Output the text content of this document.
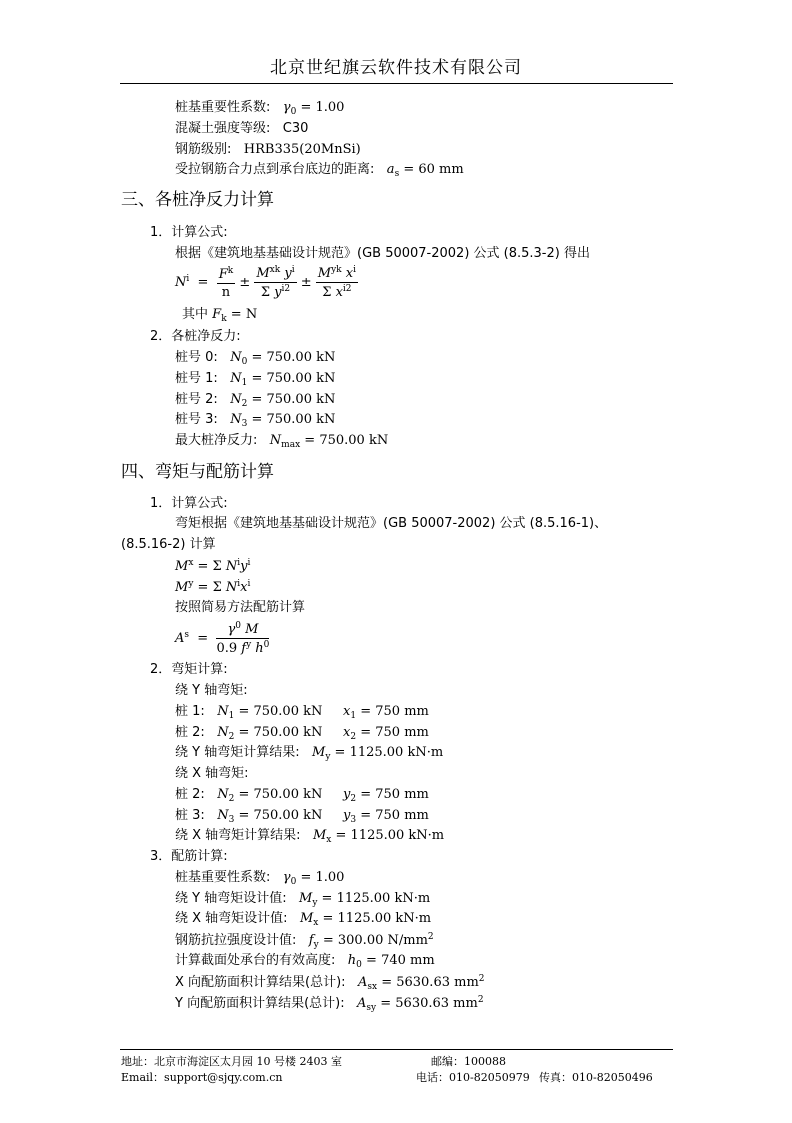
北京世纪旗云软件技术有限公司
桩基重要性系数: $\gamma_0 = 1.00$
混凝土强度等级: C30
钢筋级别: HRB335(20MnSi)
受拉钢筋合力点到承台底边的距离: $a_s = 60$ mm
三、各桩净反力计算
1．计算公式:
根据《建筑地基基础设计规范》(GB 50007-2002) 公式 (8.5.3-2) 得出
$N^i = \frac{F^k}{n} \pm \frac{M^{xk} y^i}{\Sigma y^{i2}} \pm \frac{M^{yk} x^i}{\Sigma x^{i2}}$
其中 $F_k = N$
2．各桩净反力:
桩号 0: $N_0 = 750.00$ kN
桩号 1: $N_1 = 750.00$ kN
桩号 2: $N_2 = 750.00$ kN
桩号 3: $N_3 = 750.00$ kN
最大桩净反力: $N_{max} = 750.00$ kN
四、弯矩与配筋计算
1．计算公式:
弯矩根据《建筑地基基础设计规范》(GB 50007-2002) 公式 (8.5.16-1)、
(8.5.16-2) 计算
$M^x = \Sigma$ $N^iy^i$
$M^y = \Sigma$ $N^ix^i$
按照简易方法配筋计算
$A^s = \frac{\gamma^0 M}{0.9 f^y h^0}$
2．弯矩计算:
绕 Y 轴弯矩:
桩 1: $N_1 = 750.00$ kN $x_1 = 750$ mm
桩 2: $N_2 = 750.00$ kN $x_2 = 750$ mm
绕 Y 轴弯矩计算结果: $M_y = 1125.00$ kN·m
绕 X 轴弯矩:
桩 2: $N_2 = 750.00$ kN $y_2 = 750$ mm
桩 3: $N_3 = 750.00$ kN $y_3 = 750$ mm
绕 X 轴弯矩计算结果: $M_x = 1125.00$ kN·m
3．配筋计算:
桩基重要性系数: $\gamma_0 = 1.00$
绕 Y 轴弯矩设计值: $M_y = 1125.00$ kN·m
绕 X 轴弯矩设计值: $M_x = 1125.00$ kN·m
钢筋抗拉强度设计值: $f_y = 300.00$ $N/mm^2$
计算截面处承台的有效高度: $h_0 = 740$ mm
X 向配筋面积计算结果(总计): $A_{sx} = 5630.63$ $mm^2$
Y 向配筋面积计算结果(总计): $A_{sy} = 5630.63$ $mm^2$
地址：北京市海淀区太月园 10 号楼 2403 室	邮编：100088
Email：support@sjqy.com.cn	电话：010-82050979 传真：010-82050496
